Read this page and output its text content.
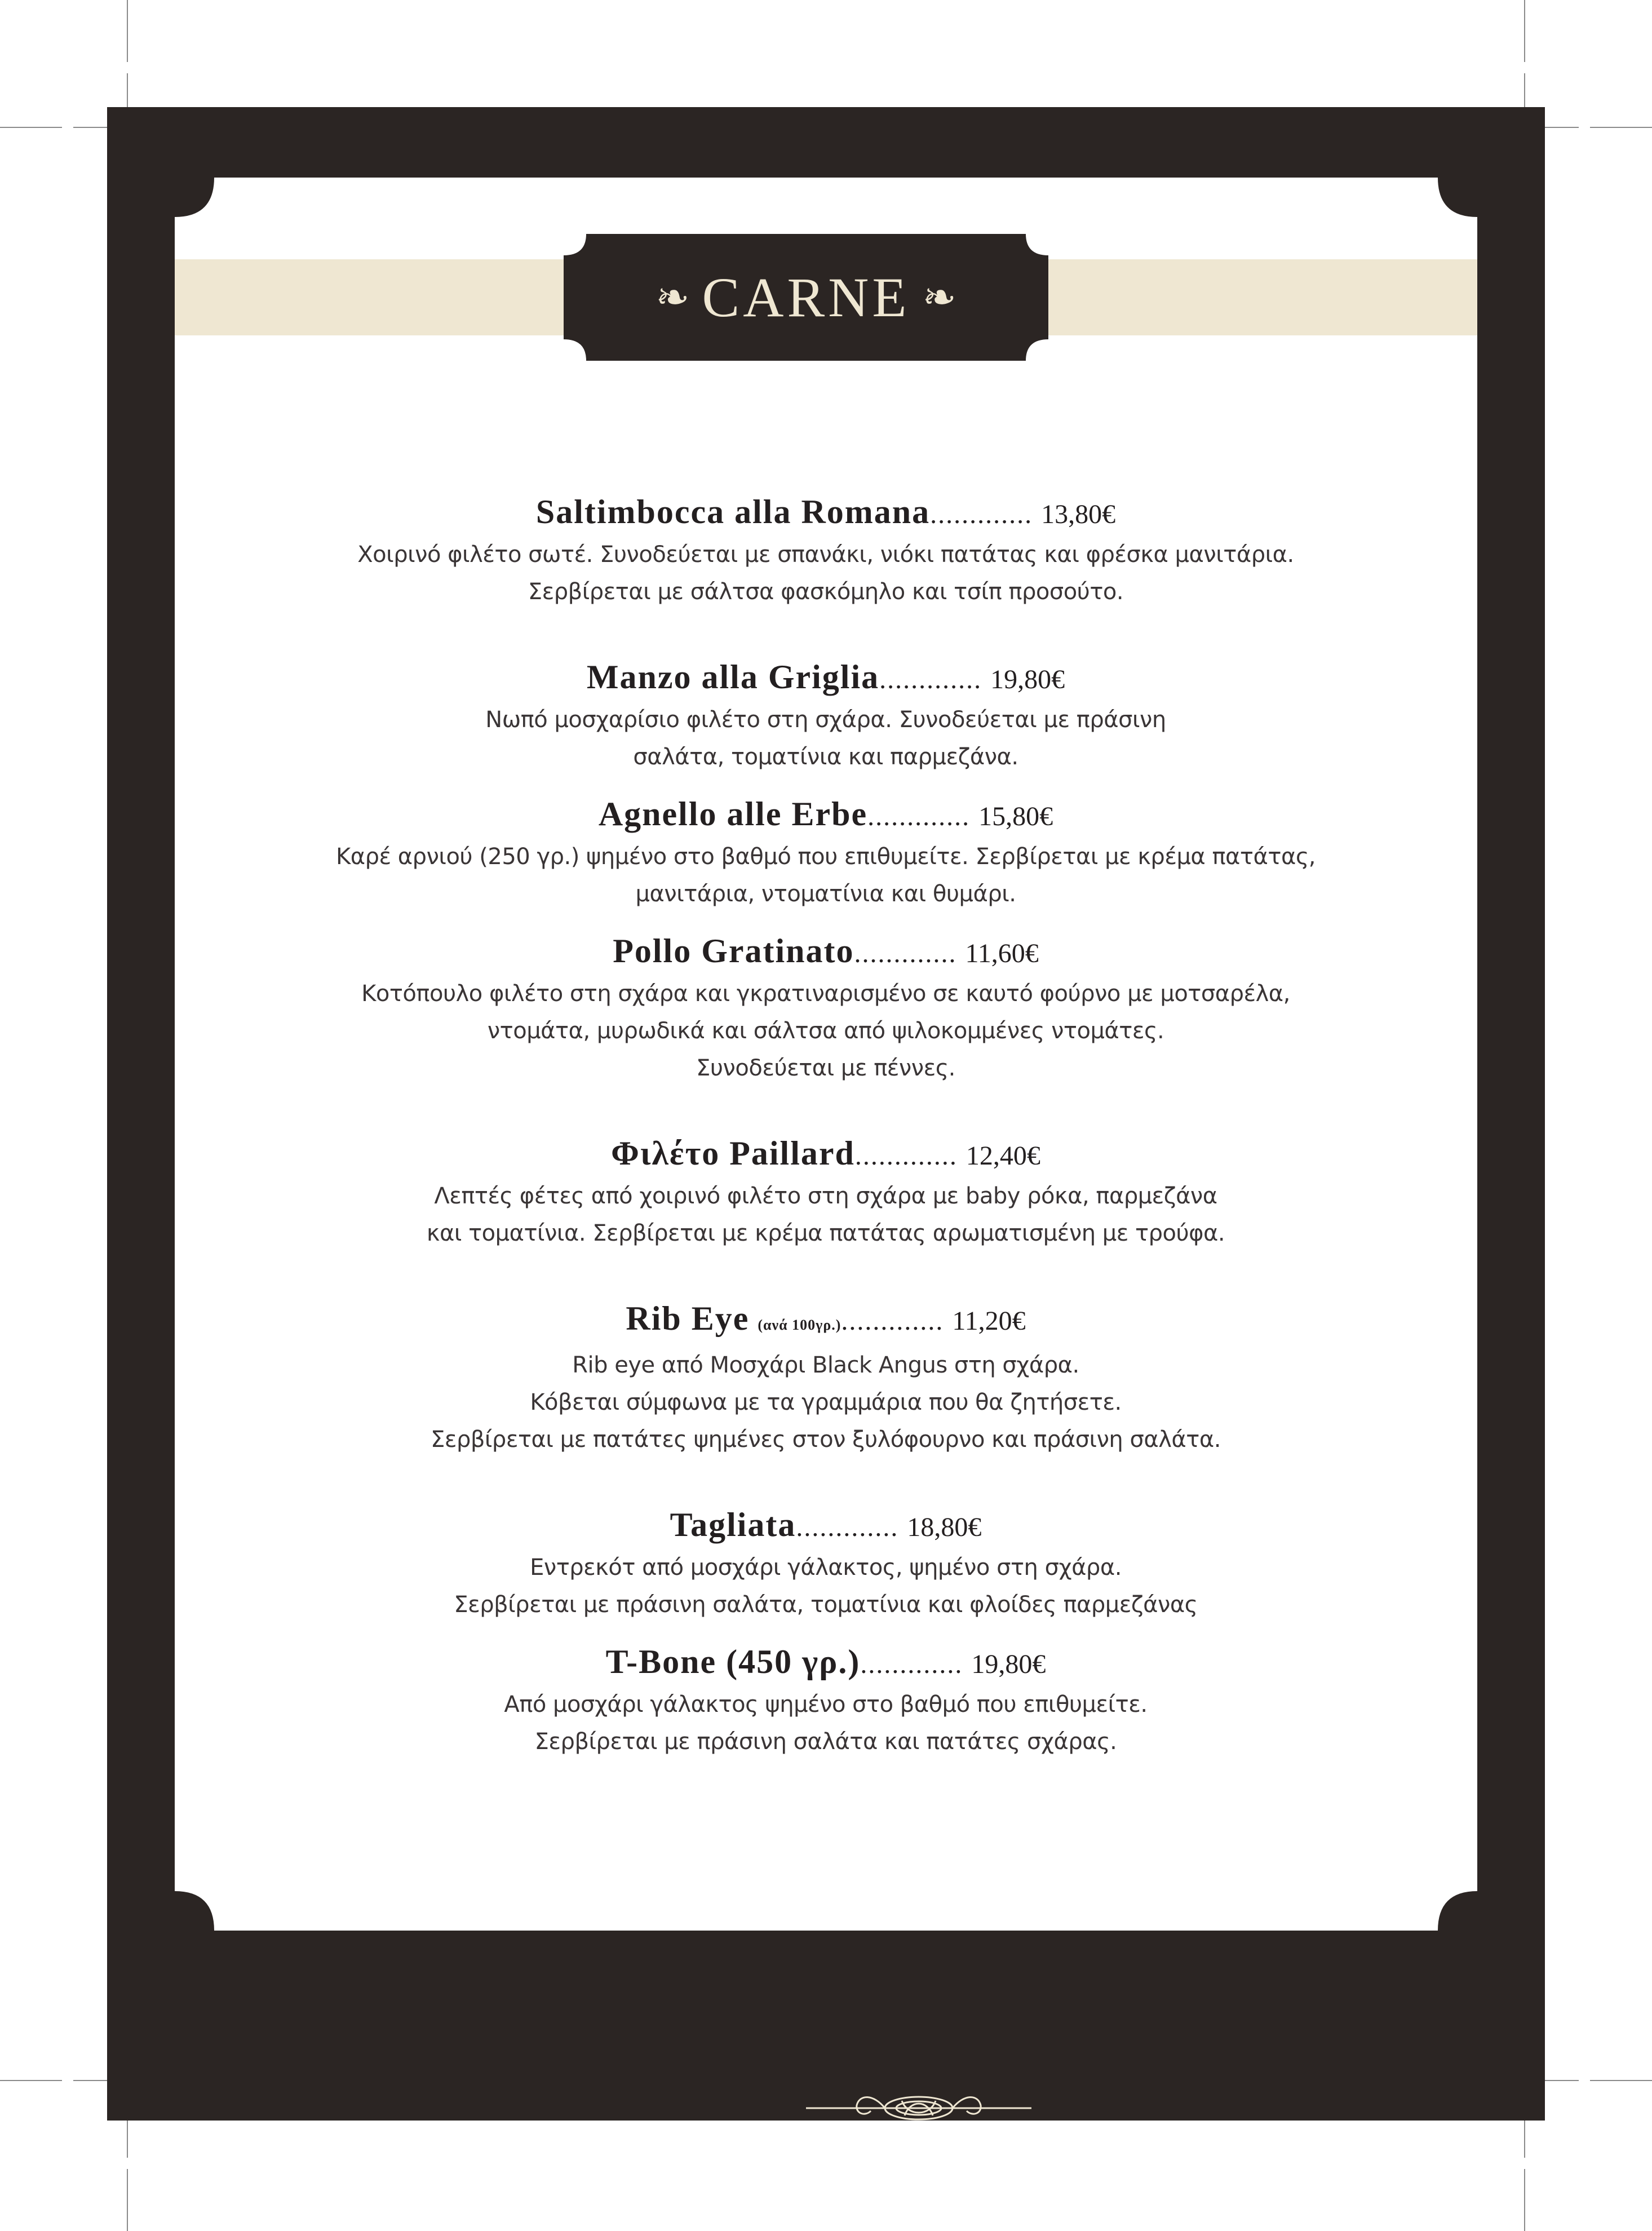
❧ CARNE ❧
Saltimbocca alla Romana............. 13,80€
Χοιρινό φιλέτο σωτέ. Συνοδεύεται με σπανάκι, νιόκι πατάτας και φρέσκα μανιτάρια.
Σερβίρεται με σάλτσα φασκόμηλο και τσίπ προσούτο.
Manzo alla Griglia............. 19,80€
Νωπό μοσχαρίσιο φιλέτο στη σχάρα. Συνοδεύεται με πράσινη
σαλάτα, τοματίνια και παρμεζάνα.
Agnello alle Erbe............. 15,80€
Καρέ αρνιού (250 γρ.) ψημένο στο βαθμό που επιθυμείτε. Σερβίρεται με κρέμα πατάτας,
μανιτάρια, ντοματίνια και θυμάρι.
Pollo Gratinato............. 11,60€
Κοτόπουλο φιλέτο στη σχάρα και γκρατιναρισμένο σε καυτό φούρνο με μοτσαρέλα,
ντομάτα, μυρωδικά και σάλτσα από ψιλοκομμένες ντομάτες.
Συνοδεύεται με πέννες.
Φιλέτο Paillard............. 12,40€
Λεπτές φέτες από χοιρινό φιλέτο στη σχάρα με baby ρόκα, παρμεζάνα
και τοματίνια. Σερβίρεται με κρέμα πατάτας αρωματισμένη με τρούφα.
Rib Eye (ανά 100γρ.)............. 11,20€
Rib eye από Μοσχάρι Black Angus στη σχάρα.
Κόβεται σύμφωνα με τα γραμμάρια που θα ζητήσετε.
Σερβίρεται με πατάτες ψημένες στον ξυλόφουρνο και πράσινη σαλάτα.
Tagliata............. 18,80€
Εντρεκότ από μοσχάρι γάλακτος, ψημένο στη σχάρα.
Σερβίρεται με πράσινη σαλάτα, τοματίνια και φλοίδες παρμεζάνας
T-Bone (450 γρ.)............. 19,80€
Από μοσχάρι γάλακτος ψημένο στο βαθμό που επιθυμείτε.
Σερβίρεται με πράσινη σαλάτα και πατάτες σχάρας.
